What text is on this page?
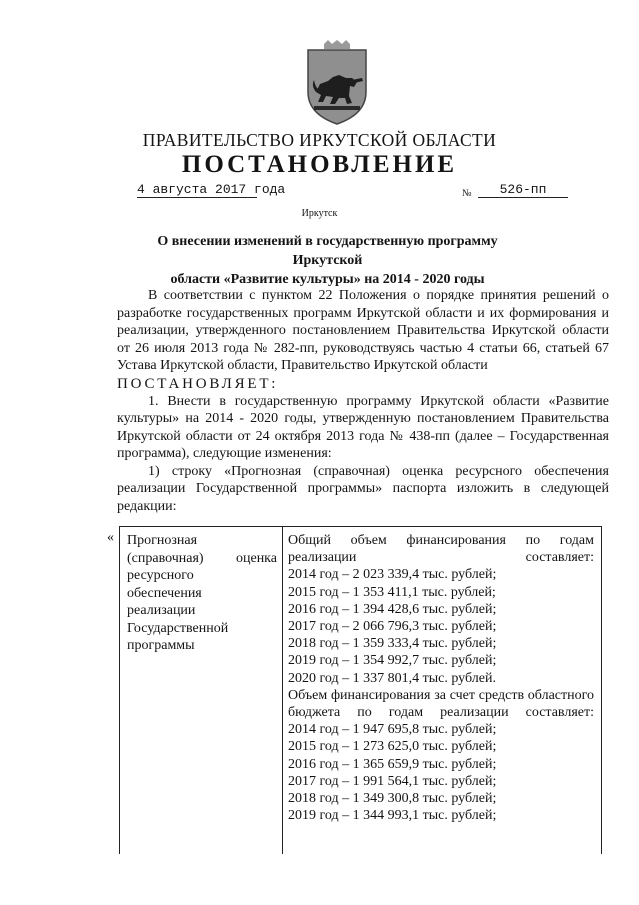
ПРАВИТЕЛЬСТВО ИРКУТСКОЙ ОБЛАСТИ
ПОСТАНОВЛЕНИЕ
4 августа 2017 года	№	526-пп
Иркутск
О внесении изменений в государственную программу Иркутской
области «Развитие культуры» на 2014 - 2020 годы

В соответствии с пунктом 22 Положения о порядке принятия решений о разработке государственных программ Иркутской области и их формирования и реализации, утвержденного постановлением Правительства Иркутской области от 26 июля 2013 года № 282-пп, руководствуясь частью 4 статьи 66, статьей 67 Устава Иркутской области, Правительство Иркутской области

ПОСТАНОВЛЯЕТ:

1. Внести в государственную программу Иркутской области «Развитие культуры» на 2014 - 2020 годы, утвержденную постановлением Правительства Иркутской области от 24 октября 2013 года № 438-пп (далее – Государственная программа), следующие изменения:

1) строку «Прогнозная (справочная) оценка ресурсного обеспечения реализации Государственной программы» паспорта изложить в следующей редакции:

« Прогнозная
(справочная) оценка
ресурсного
обеспечения
реализации
Государственной
программы
Общий объем финансирования по годам реализации составляет:
2014 год – 2 023 339,4 тыс. рублей;
2015 год – 1 353 411,1 тыс. рублей;
2016 год – 1 394 428,6 тыс. рублей;
2017 год – 2 066 796,3 тыс. рублей;
2018 год – 1 359 333,4 тыс. рублей;
2019 год – 1 354 992,7 тыс. рублей;
2020 год – 1 337 801,4 тыс. рублей.
Объем финансирования за счет средств областного бюджета по годам реализации составляет:
2014 год – 1 947 695,8 тыс. рублей;
2015 год – 1 273 625,0 тыс. рублей;
2016 год – 1 365 659,9 тыс. рублей;
2017 год – 1 991 564,1 тыс. рублей;
2018 год – 1 349 300,8 тыс. рублей;
2019 год – 1 344 993,1 тыс. рублей;
